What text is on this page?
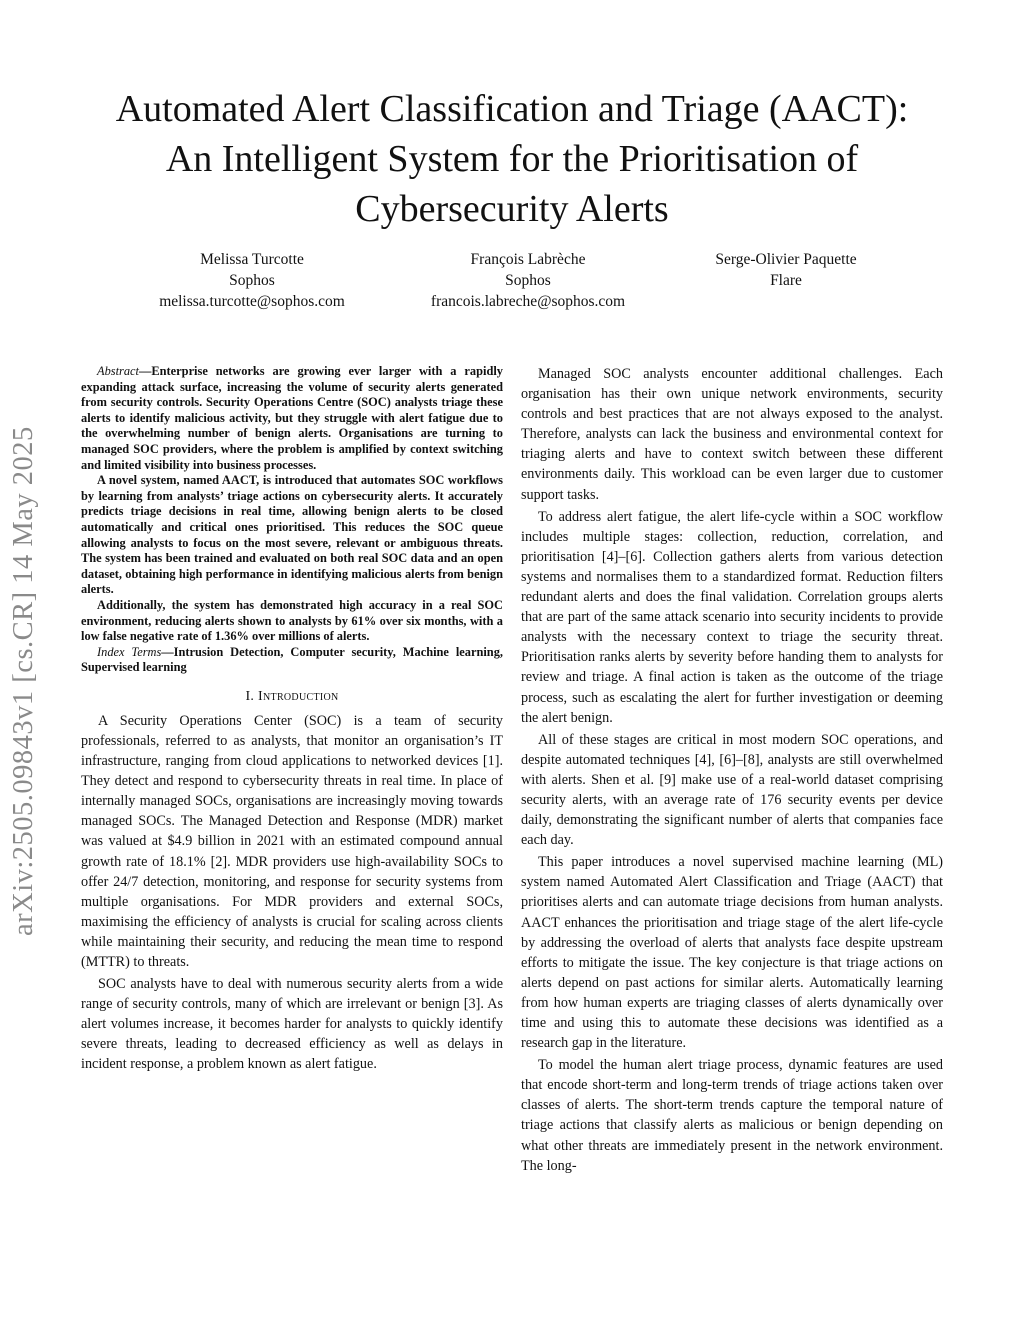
arXiv:2505.09843v1 [cs.CR] 14 May 2025
Automated Alert Classification and Triage (AACT):
An Intelligent System for the Prioritisation of
Cybersecurity Alerts
Melissa Turcotte
Sophos
melissa.turcotte@sophos.com
François Labrèche
Sophos
francois.labreche@sophos.com
Serge-Olivier Paquette
Flare

Abstract—Enterprise networks are growing ever larger with a rapidly expanding attack surface, increasing the volume of security alerts generated from security controls. Security Operations Centre (SOC) analysts triage these alerts to identify malicious activity, but they struggle with alert fatigue due to the overwhelming number of benign alerts. Organisations are turning to managed SOC providers, where the problem is amplified by context switching and limited visibility into business processes.

A novel system, named AACT, is introduced that automates SOC workflows by learning from analysts’ triage actions on cybersecurity alerts. It accurately predicts triage decisions in real time, allowing benign alerts to be closed automatically and critical ones prioritised. This reduces the SOC queue allowing analysts to focus on the most severe, relevant or ambiguous threats. The system has been trained and evaluated on both real SOC data and an open dataset, obtaining high performance in identifying malicious alerts from benign alerts.

Additionally, the system has demonstrated high accuracy in a real SOC environment, reducing alerts shown to analysts by 61% over six months, with a low false negative rate of 1.36% over millions of alerts.

Index Terms—Intrusion Detection, Computer security, Machine learning, Supervised learning

I. Introduction

A Security Operations Center (SOC) is a team of security professionals, referred to as analysts, that monitor an organisation’s IT infrastructure, ranging from cloud applications to networked devices [1]. They detect and respond to cybersecurity threats in real time. In place of internally managed SOCs, organisations are increasingly moving towards managed SOCs. The Managed Detection and Response (MDR) market was valued at $4.9 billion in 2021 with an estimated compound annual growth rate of 18.1% [2]. MDR providers use high-availability SOCs to offer 24/7 detection, monitoring, and response for security systems from multiple organisations. For MDR providers and external SOCs, maximising the efficiency of analysts is crucial for scaling across clients while maintaining their security, and reducing the mean time to respond (MTTR) to threats.

SOC analysts have to deal with numerous security alerts from a wide range of security controls, many of which are irrelevant or benign [3]. As alert volumes increase, it becomes harder for analysts to quickly identify severe threats, leading to decreased efficiency as well as delays in incident response, a problem known as alert fatigue.

Managed SOC analysts encounter additional challenges. Each organisation has their own unique network environments, security controls and best practices that are not always exposed to the analyst. Therefore, analysts can lack the business and environmental context for triaging alerts and have to context switch between these different environments daily. This workload can be even larger due to customer support tasks.

To address alert fatigue, the alert life-cycle within a SOC workflow includes multiple stages: collection, reduction, correlation, and prioritisation [4]–[6]. Collection gathers alerts from various detection systems and normalises them to a standardized format. Reduction filters redundant alerts and does the final validation. Correlation groups alerts that are part of the same attack scenario into security incidents to provide analysts with the necessary context to triage the security threat. Prioritisation ranks alerts by severity before handing them to analysts for review and triage. A final action is taken as the outcome of the triage process, such as escalating the alert for further investigation or deeming the alert benign.

All of these stages are critical in most modern SOC operations, and despite automated techniques [4], [6]–[8], analysts are still overwhelmed with alerts. Shen et al. [9] make use of a real-world dataset comprising security alerts, with an average rate of 176 security events per device daily, demonstrating the significant number of alerts that companies face each day.

This paper introduces a novel supervised machine learning (ML) system named Automated Alert Classification and Triage (AACT) that prioritises alerts and can automate triage decisions from human analysts. AACT enhances the prioritisation and triage stage of the alert life-cycle by addressing the overload of alerts that analysts face despite upstream efforts to mitigate the issue. The key conjecture is that triage actions on alerts depend on past actions for similar alerts. Automatically learning from how human experts are triaging classes of alerts dynamically over time and using this to automate these decisions was identified as a research gap in the literature.

To model the human alert triage process, dynamic features are used that encode short-term and long-term trends of triage actions taken over classes of alerts. The short-term trends capture the temporal nature of triage actions that classify alerts as malicious or benign depending on what other threats are immediately present in the network environment. The long-
